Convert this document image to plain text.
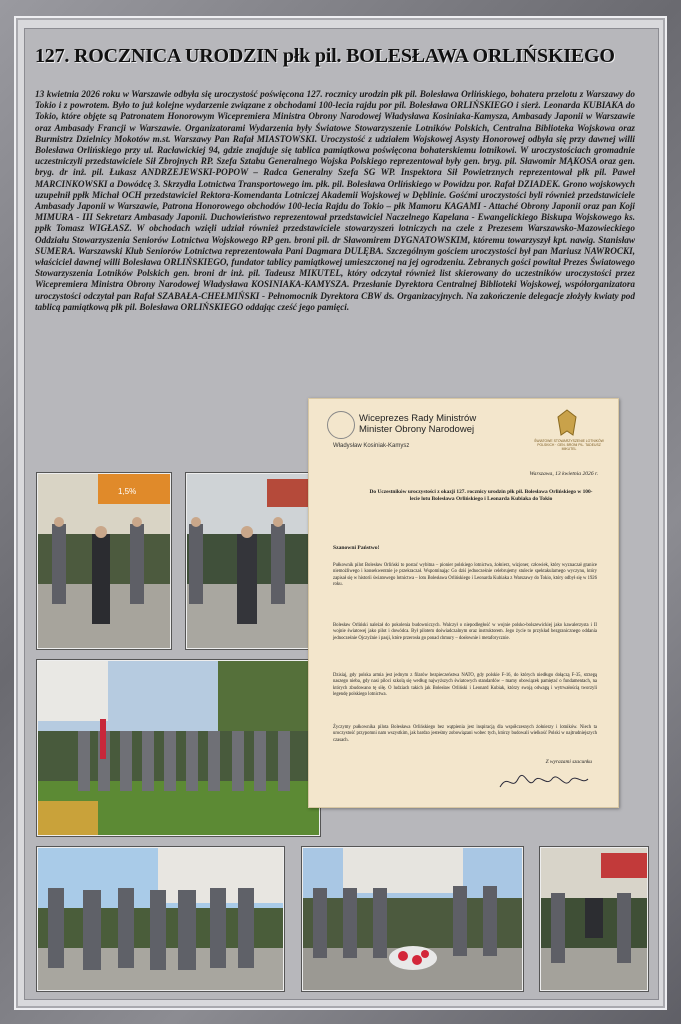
127. ROCZNICA URODZIN płk pil. BOLESŁAWA ORLIŃSKIEGO
13 kwietnia 2026 roku w Warszawie odbyła się uroczystość poświęcona 127. rocznicy urodzin płk pil. Bolesława Orlińskiego, bohatera przelotu z Warszawy do Tokio i z powrotem. Było to już kolejne wydarzenie związane z obchodami 100-lecia rajdu por pil. Bolesława ORLIŃSKIEGO i sierż. Leonarda KUBIAKA do Tokio, które objęte są Patronatem Honorowym Wicepremiera Ministra Obrony Narodowej Władysława Kosiniaka-Kamysza, Ambasady Japonii w Warszawie oraz Ambasady Francji w Warszawie. Organizatorami Wydarzenia były Światowe Stowarzyszenie Lotników Polskich, Centralna Biblioteka Wojskowa oraz Burmistrz Dzielnicy Mokotów m.st. Warszawy Pan Rafał MIASTOWSKI. Uroczystość z udziałem Wojskowej Asysty Honorowej odbyła się przy dawnej willi Bolesława Orlińskiego przy ul. Racławickiej 94, gdzie znajduje się tablica pamiątkowa poświęcona bohaterskiemu lotnikowi. W uroczystościach gromadnie uczestniczyli przedstawiciele Sił Zbrojnych RP. Szefa Sztabu Generalnego Wojska Polskiego reprezentował były gen. bryg. pil. Sławomir MĄKOSA oraz gen. bryg. dr inż. pil. Łukasz ANDRZEJEWSKI-POPOW – Radca Generalny Szefa SG WP. Inspektora Sił Powietrznych reprezentował płk pil. Paweł MARCINKOWSKI a Dowódcę 3. Skrzydła Lotnictwa Transportowego im. płk. pil. Bolesława Orlińskiego w Powidzu por. Rafał DZIADEK. Grono wojskowych uzupełnił ppłk Michał OCH przedstawiciel Rektora-Komendanta Lotniczej Akademii Wojskowej w Dęblinie. Gośćmi uroczystości byli również przedstawiciele Ambasady Japonii w Warszawie, Patrona Honorowego obchodów 100-lecia Rajdu do Tokio – płk Mamoru KAGAMI - Attaché Obrony Japonii oraz pan Koji MIMURA - III Sekretarz Ambasady Japonii. Duchowieństwo reprezentował przedstawiciel Naczelnego Kapelana - Ewangelickiego Biskupa Wojskowego ks. ppłk Tomasz WIGŁASZ. W obchodach wzięli udział również przedstawiciele stowarzyszeń lotniczych na czele z Prezesem Warszawsko-Mazowieckiego Oddziału Stowarzyszenia Seniorów Lotnictwa Wojskowego RP gen. broni pil. dr Sławomirem DYGNATOWSKIM, któremu towarzyszył kpt. nawig. Stanisław SUMERA. Warszawski Klub Seniorów Lotnictwa reprezentowała Pani Dagmara DULĘBA. Szczególnym gościem uroczystości był pan Mariusz NAWROCKI, właściciel dawnej willi Bolesława ORLIŃSKIEGO, fundator tablicy pamiątkowej umieszczonej na jej ogrodzeniu. Zebranych gości powitał Prezes Światowego Stowarzyszenia Lotników Polskich gen. broni dr inż. pil. Tadeusz MIKUTEL, który odczytał również list skierowany do uczestników uroczystości przez Wicepremiera Ministra Obrony Narodowej Władysława KOSINIAKA-KAMYSZA. Przesłanie Dyrektora Centralnej Biblioteki Wojskowej, współorganizatora uroczystości odczytał pan Rafał SZABAŁA-CHEŁMIŃSKI - Pełnomocnik Dyrektora CBW ds. Organizacyjnych. Na zakończenie delegacje złożyły kwiaty pod tablicą pamiątkową płk pil. Bolesława ORLIŃSKIEGO oddając cześć jego pamięci.
1,5%
Wiceprezes Rady Ministrów
Minister Obrony Narodowej
Władysław Kosiniak-Kamysz
ŚWIATOWE STOWARZYSZENIE LOTNIKÓW POLSKICH · GEN. BRONI PIL. TADEUSZ MIKUTEL
Warszawa, 13 kwietnia 2026 r.
Do Uczestników uroczystości z okazji 127. rocznicy urodzin płk pil. Bolesława Orlińskiego w 100-lecie lotu Bolesława Orlińskiego i Leonarda Kubiaka do Tokio
Szanowni Państwo!
Pułkownik pilot Bolesław Orliński to postać wybitna – pionier polskiego lotnictwa, żołnierz, wizjoner, człowiek, który wyznaczał granice niemożliwego i konsekwentnie je przekraczał. Wspominając Go dziś jednocześnie celebrujemy stulecie spektakularnego wyczynu, który zapisał się w historii światowego lotnictwa – lotu Bolesława Orlińskiego i Leonarda Kubiaka z Warszawy do Tokio, który odbył się w 1926 roku.
Bolesław Orliński należał do pokolenia budowniczych. Walczył o niepodległość w wojnie polsko-bolszewickiej jako kawalerzysta i II wojnie światowej jako pilot i dowódca. Był pilotem doświadczalnym oraz instruktorem. Jego życie to przykład bezgranicznego oddania jednocześnie Ojczyźnie i pasji, które przerosła go ponad chmury – dosłownie i metaforycznie.
Dzisiaj, gdy polska armia jest jednym z filarów bezpieczeństwa NATO, gdy polskie F-16, do których niedługo dołączą F-35, strzegą naszego nieba, gdy nasi piloci szkolą się według najwyższych światowych standardów – mamy obowiązek pamiętać o fundamentach, na których zbudowano tę siłę. O ludziach takich jak Bolesław Orliński i Leonard Kubiak, którzy swoją odwagą i wytrwałością tworzyli legendę polskiego lotnictwa.
Życzymy pułkownika pilota Bolesława Orlińskiego bez wątpienia jest inspiracją dla współczesnych żołnierzy i lotników. Niech ta uroczystość przypomni nam wszystkim, jak bardzo jesteśmy zobowiązani wobec tych, którzy budowali wielkość Polski w najtrudniejszych czasach.
Z wyrazami szacunku
